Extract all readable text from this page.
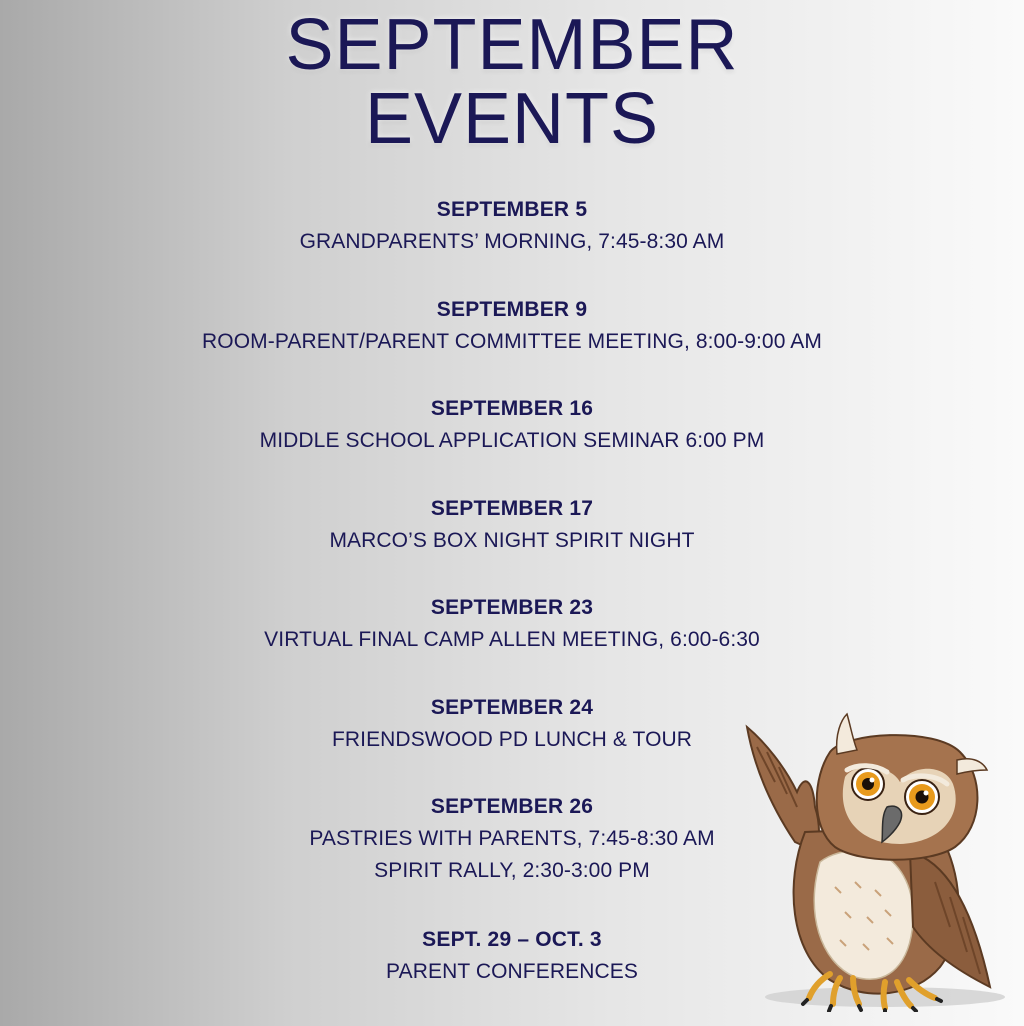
SEPTEMBER
EVENTS
SEPTEMBER 5
GRANDPARENTS’ MORNING, 7:45-8:30 AM
SEPTEMBER 9
ROOM-PARENT/PARENT COMMITTEE MEETING, 8:00-9:00 AM
SEPTEMBER 16
MIDDLE SCHOOL APPLICATION SEMINAR 6:00 PM
SEPTEMBER 17
MARCO’S BOX NIGHT SPIRIT NIGHT
SEPTEMBER 23
VIRTUAL FINAL CAMP ALLEN MEETING, 6:00-6:30
SEPTEMBER 24
FRIENDSWOOD PD LUNCH & TOUR
SEPTEMBER 26
PASTRIES WITH PARENTS, 7:45-8:30 AM
SPIRIT RALLY, 2:30-3:00 PM
SEPT. 29 – OCT. 3
PARENT CONFERENCES
